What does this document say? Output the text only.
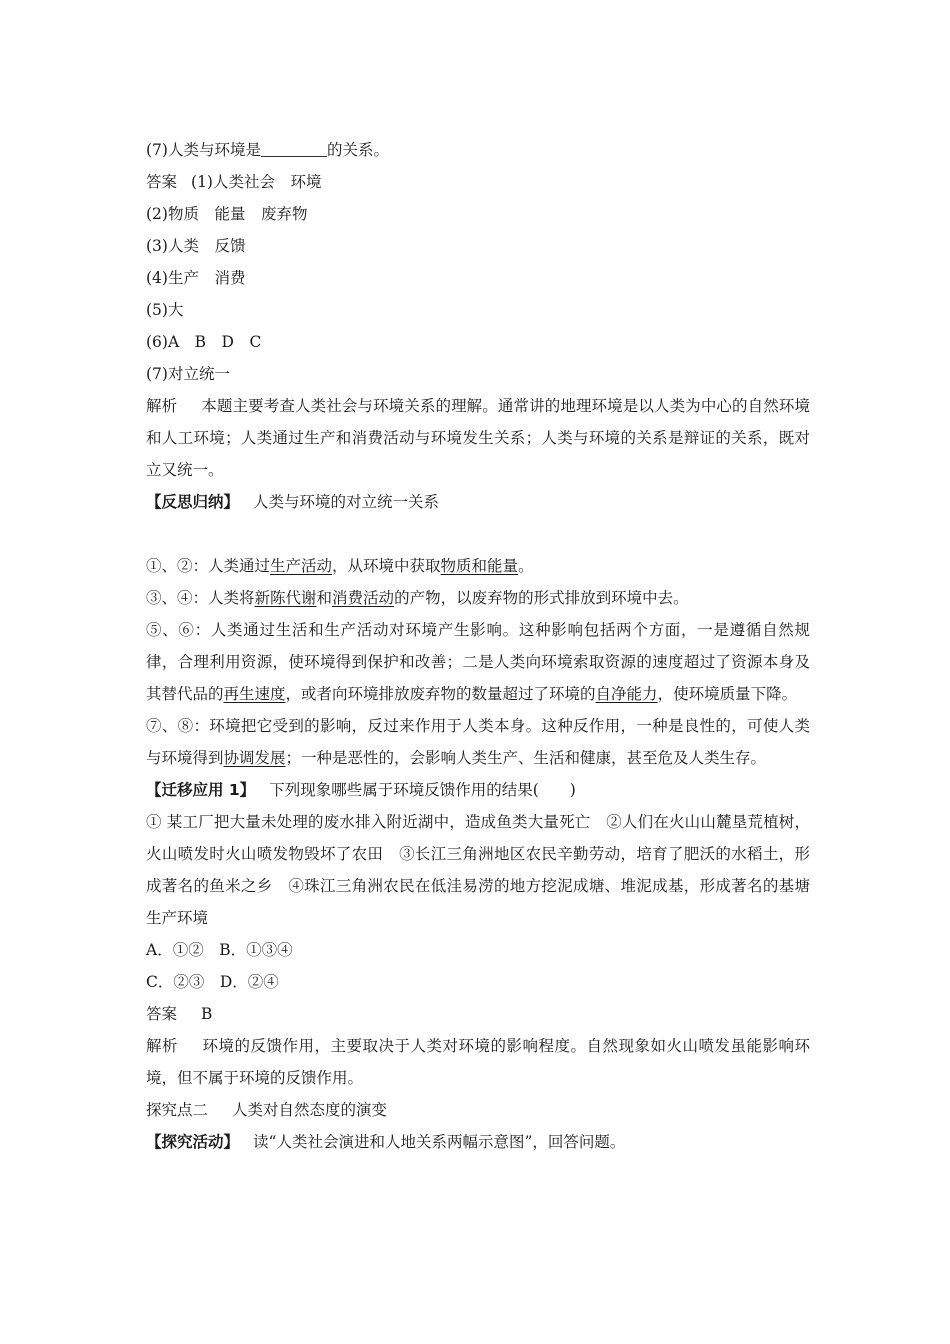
(7)人类与环境是	的关系。
答案 (1)人类社会　环境
(2)物质　能量　废弃物
(3)人类　反馈
(4)生产　消费
(5)大
(6)A　B　D　C
(7)对立统一
解析 本题主要考查人类社会与环境关系的理解。通常讲的地理环境是以人类为中心的自然环境和人工环境；人类通过生产和消费活动与环境发生关系；人类与环境的关系是辩证的关系，既对立又统一。
【反思归纳】 人类与环境的对立统一关系
①、②：人类通过生产活动，从环境中获取物质和能量。
③、④：人类将新陈代谢和消费活动的产物，以废弃物的形式排放到环境中去。
⑤、⑥：人类通过生活和生产活动对环境产生影响。这种影响包括两个方面，一是遵循自然规律，合理利用资源，使环境得到保护和改善；二是人类向环境索取资源的速度超过了资源本身及其替代品的再生速度，或者向环境排放废弃物的数量超过了环境的自净能力，使环境质量下降。
⑦、⑧：环境把它受到的影响，反过来作用于人类本身。这种反作用，一种是良性的，可使人类与环境得到协调发展；一种是恶性的，会影响人类生产、生活和健康，甚至危及人类生存。
【迁移应用 1】 下列现象哪些属于环境反馈作用的结果(　　)
① 某工厂把大量未处理的废水排入附近湖中，造成鱼类大量死亡　②人们在火山山麓垦荒植树，火山喷发时火山喷发物毁坏了农田　③长江三角洲地区农民辛勤劳动，培育了肥沃的水稻土，形成著名的鱼米之乡　④珠江三角洲农民在低洼易涝的地方挖泥成塘、堆泥成基，形成著名的基塘生产环境
A．①②　B．①③④
C．②③　D．②④
答案 B
解析 环境的反馈作用，主要取决于人类对环境的影响程度。自然现象如火山喷发虽能影响环境，但不属于环境的反馈作用。
探究点二 人类对自然态度的演变
【探究活动】 读“人类社会演进和人地关系两幅示意图”，回答问题。
